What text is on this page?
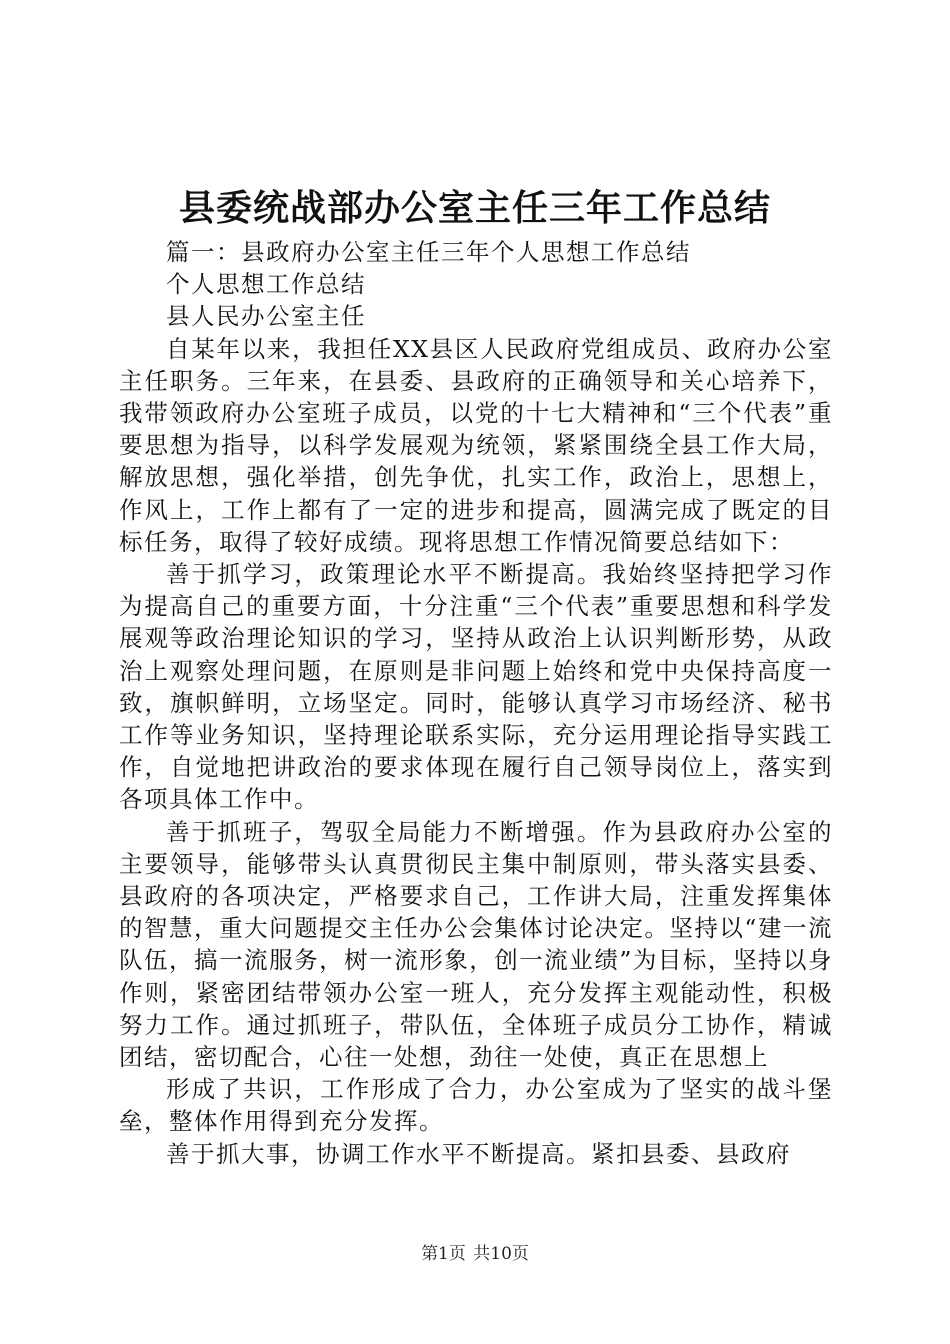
县委统战部办公室主任三年工作总结

篇一：县政府办公室主任三年个人思想工作总结

个人思想工作总结

县人民办公室主任

自某年以来，我担任XX县区人民政府党组成员、政府办公室主任职务。三年来，在县委、县政府的正确领导和关心培养下，我带领政府办公室班子成员，以党的十七大精神和“三个代表”重要思想为指导，以科学发展观为统领，紧紧围绕全县工作大局，解放思想，强化举措，创先争优，扎实工作，政治上，思想上，作风上，工作上都有了一定的进步和提高，圆满完成了既定的目标任务，取得了较好成绩。现将思想工作情况简要总结如下：

善于抓学习，政策理论水平不断提高。我始终坚持把学习作为提高自己的重要方面，十分注重“三个代表”重要思想和科学发展观等政治理论知识的学习，坚持从政治上认识判断形势，从政治上观察处理问题，在原则是非问题上始终和党中央保持高度一致，旗帜鲜明，立场坚定。同时，能够认真学习市场经济、秘书工作等业务知识，坚持理论联系实际，充分运用理论指导实践工作，自觉地把讲政治的要求体现在履行自己领导岗位上，落实到各项具体工作中。

善于抓班子，驾驭全局能力不断增强。作为县政府办公室的主要领导，能够带头认真贯彻民主集中制原则，带头落实县委、县政府的各项决定，严格要求自己，工作讲大局，注重发挥集体的智慧，重大问题提交主任办公会集体讨论决定。坚持以“建一流队伍，搞一流服务，树一流形象，创一流业绩”为目标，坚持以身作则，紧密团结带领办公室一班人，充分发挥主观能动性，积极努力工作。通过抓班子，带队伍，全体班子成员分工协作，精诚团结，密切配合，心往一处想，劲往一处使，真正在思想上

形成了共识，工作形成了合力，办公室成为了坚实的战斗堡垒，整体作用得到充分发挥。

善于抓大事，协调工作水平不断提高。紧扣县委、县政府

第1页 共10页
